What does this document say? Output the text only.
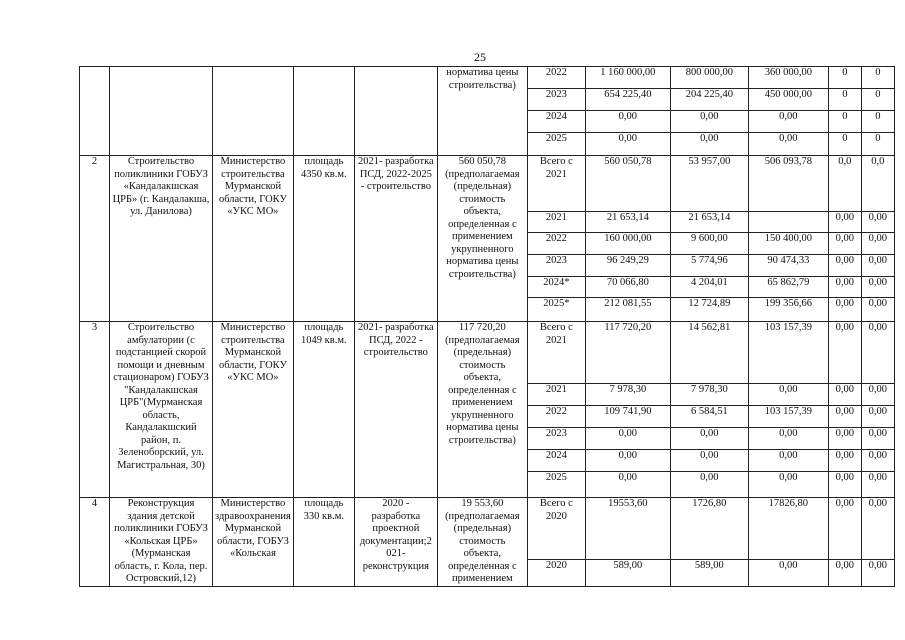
25
					норматива цены строительства)	2022	1 160 000,00	800 000,00	360 000,00	0	0
						2023	654 225,40	204 225,40	450 000,00	0	0
						2024	0,00	0,00	0,00	0	0
						2025	0,00	0,00	0,00	0	0
2	Строительство поликлиники ГОБУЗ «Кандалакшская ЦРБ» (г. Кандалакша, ул. Данилова)	Министерство строительства Мурманской области, ГОКУ «УКС МО»	площадь 4350 кв.м.	2021- разработка ПСД, 2022-2025 - строительство	560 050,78 (предполагаемая (предельная) стоимость объекта, определенная с применением укрупненного норматива цены строительства)	Всего с 2021	560 050,78	53 957,00	506 093,78	0,0	0,0
						2021	21 653,14	21 653,14		0,00	0,00
						2022	160 000,00	9 600,00	150 400,00	0,00	0,00
						2023	96 249,29	5 774,96	90 474,33	0,00	0,00
						2024*	70 066,80	4 204,01	65 862,79	0,00	0,00
						2025*	212 081,55	12 724,89	199 356,66	0,00	0,00
3	Строительство амбулатории (с подстанцией скорой помощи и дневным стационаром) ГОБУЗ "Кандалакшская ЦРБ"(Мурманская область, Кандалакшский район, п. Зеленоборский, ул. Магистральная, 30)	Министерство строительства Мурманской области, ГОКУ «УКС МО»	площадь 1049 кв.м.	2021- разработка ПСД, 2022 - строительство	117 720,20 (предполагаемая (предельная) стоимость объекта, определенная с применением укрупненного норматива цены строительства)	Всего с 2021	117 720,20	14 562,81	103 157,39	0,00	0,00
						2021	7 978,30	7 978,30	0,00	0,00	0,00
						2022	109 741,90	6 584,51	103 157,39	0,00	0,00
						2023	0,00	0,00	0,00	0,00	0,00
						2024	0,00	0,00	0,00	0,00	0,00
						2025	0,00	0,00	0,00	0,00	0,00
4	Реконструкция здания детской поликлиники ГОБУЗ «Кольская ЦРБ» (Мурманская область, г. Кола, пер. Островский,12)	Министерство здравоохранения Мурманской области, ГОБУЗ «Кольская	площадь 330 кв.м.	2020 - разработка проектной документации;2 021- реконструкция	19 553,60 (предполагаемая (предельная) стоимость объекта, определенная с применением	Всего с 2020	19553,60	1726,80	17826,80	0,00	0,00
						2020	589,00	589,00	0,00	0,00	0,00
